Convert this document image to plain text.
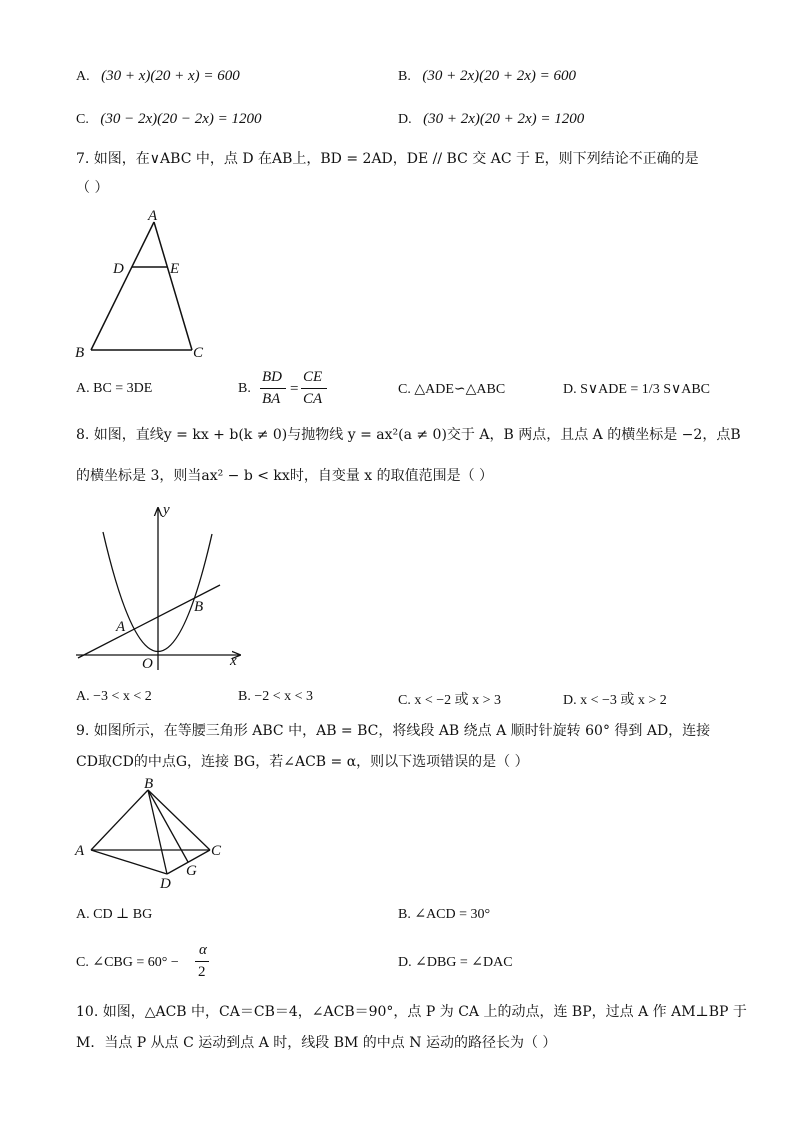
A. (30 + x)(20 + x) = 600	B. (30 + 2x)(20 + 2x) = 600
C. (30 − 2x)(20 − 2x) = 1200	D. (30 + 2x)(20 + 2x) = 1200
7. 如图，在∨ABC 中，点 D 在AB上，BD = 2AD，DE // BC 交 AC 于 E，则下列结论不正确的是
（ ）
A
D	E
B	C
A. BC = 3DE	B.
BD
BA
=
CE
CA
C. △ADE∽△ABC	D. S∨ADE = 1/3 S∨ABC
8. 如图，直线y = kx + b(k ≠ 0)与抛物线 y = ax²(a ≠ 0)交于 A，B 两点，且点 A 的横坐标是 −2，点B
的横坐标是 3，则当ax² − b < kx时，自变量 x 的取值范围是（ ）
y
x
O
A
B
A. −3 < x < 2	B. −2 < x < 3	C. x < −2 或 x > 3	D. x < −3 或 x > 2
9. 如图所示，在等腰三角形 ABC 中，AB = BC，将线段 AB 绕点 A 顺时针旋转 60° 得到 AD，连接
CD取CD的中点G，连接 BG，若∠ACB = α，则以下选项错误的是（ ）
B
A	C
D
G
A. CD ⊥ BG	B. ∠ACD = 30°
C. ∠CBG = 60° −
α
2
D. ∠DBG = ∠DAC
10. 如图，△ACB 中，CA＝CB＝4，∠ACB＝90°，点 P 为 CA 上的动点，连 BP，过点 A 作 AM⊥BP 于
M．当点 P 从点 C 运动到点 A 时，线段 BM 的中点 N 运动的路径长为（ ）
